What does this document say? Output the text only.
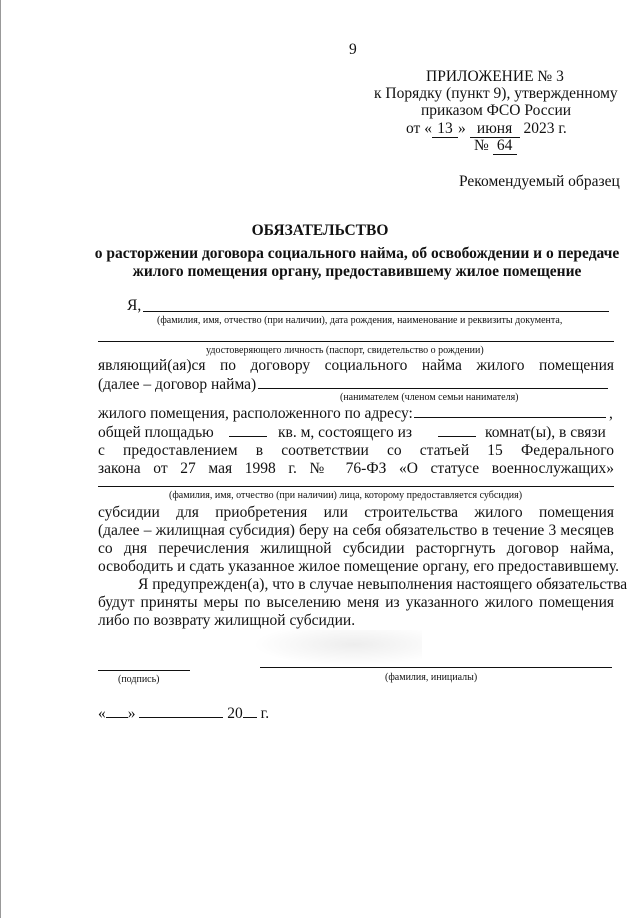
9
ПРИЛОЖЕНИЕ № 3
к Порядку (пункт 9), утвержденному
приказом ФСО России
от « 13 » июня 2023 г.
№ 64
Рекомендуемый образец
ОБЯЗАТЕЛЬСТВО
о расторжении договора социального найма, об освобождении и о передаче
жилого помещения органу, предоставившему жилое помещение
Я,
(фамилия, имя, отчество (при наличии), дата рождения, наименование и реквизиты документа,
удостоверяющего личность (паспорт, свидетельство о рождении)
являющий(ая)ся по договору социального найма жилого помещения
(далее – договор найма)
(нанимателем (членом семьи нанимателя)
жилого помещения, расположенного по адресу:	,
общей площадью	кв. м, состоящего из	комнат(ы), в связи
с предоставлением в соответствии со статьей 15 Федерального
закона от 27 мая 1998 г. № 76-ФЗ «О статусе военнослужащих»
(фамилия, имя, отчество (при наличии) лица, которому предоставляется субсидия)
субсидии для приобретения или строительства жилого помещения
(далее – жилищная субсидия) беру на себя обязательство в течение 3 месяцев
со дня перечисления жилищной субсидии расторгнуть договор найма,
освободить и сдать указанное жилое помещение органу, его предоставившему.
Я предупрежден(а), что в случае невыполнения настоящего обязательства
будут приняты меры по выселению меня из указанного жилого помещения
либо по возврату жилищной субсидии.
(подпись)	(фамилия, инициалы)
« »	20 г.
